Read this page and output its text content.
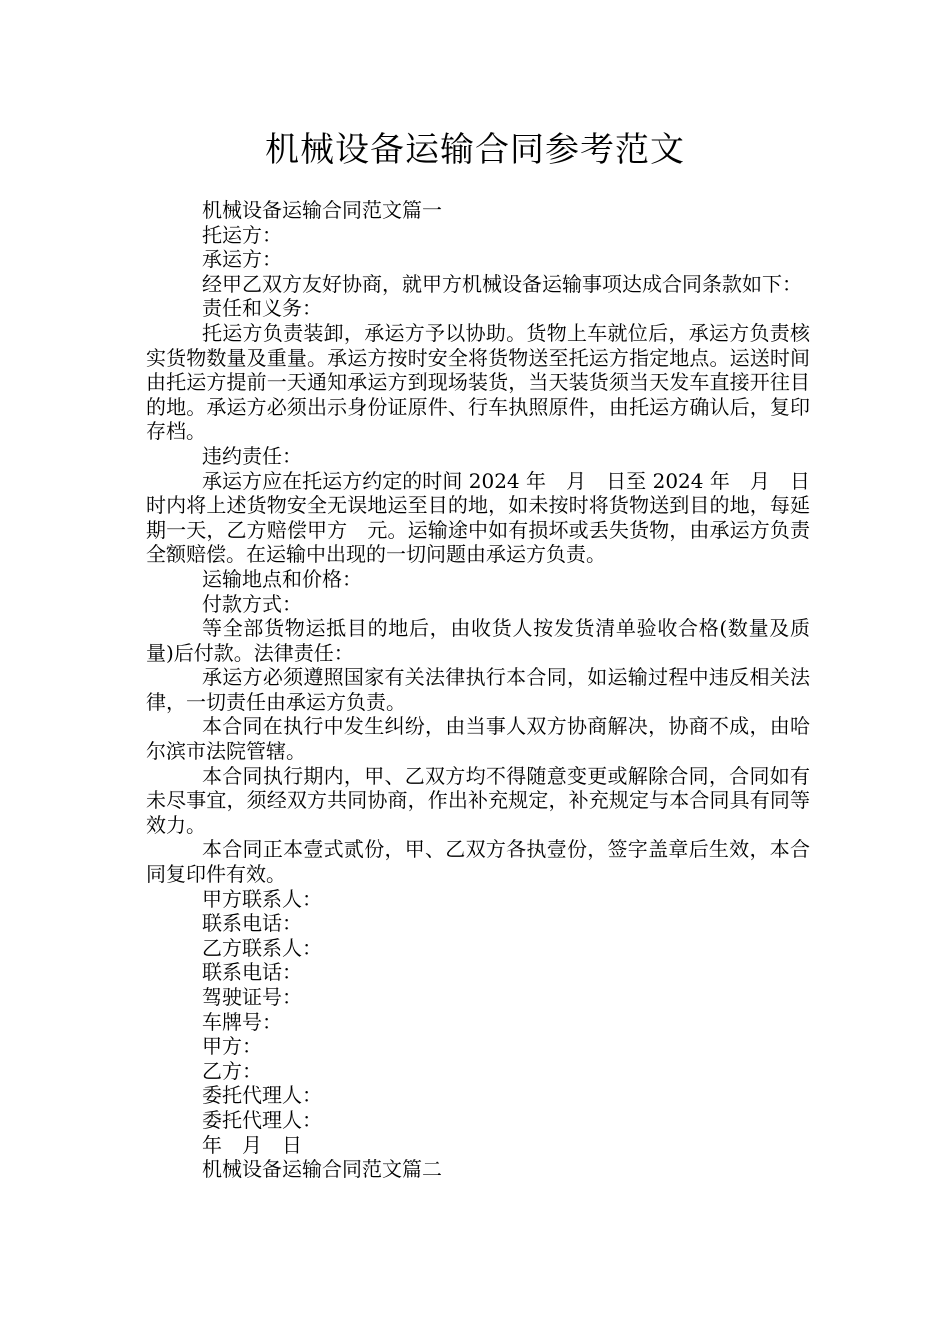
机械设备运输合同参考范文

机械设备运输合同范文篇一

托运方：

承运方：

经甲乙双方友好协商，就甲方机械设备运输事项达成合同条款如下：

责任和义务：

托运方负责装卸，承运方予以协助。货物上车就位后，承运方负责核实货物数量及重量。承运方按时安全将货物送至托运方指定地点。运送时间由托运方提前一天通知承运方到现场装货，当天装货须当天发车直接开往目的地。承运方必须出示身份证原件、行车执照原件，由托运方确认后，复印存档。

违约责任：

承运方应在托运方约定的时间 2024 年　月　日至 2024 年　月　日时内将上述货物安全无误地运至目的地，如未按时将货物送到目的地，每延期一天，乙方赔偿甲方　元。运输途中如有损坏或丢失货物，由承运方负责全额赔偿。在运输中出现的一切问题由承运方负责。

运输地点和价格：

付款方式：

等全部货物运抵目的地后，由收货人按发货清单验收合格(数量及质量)后付款。法律责任：

承运方必须遵照国家有关法律执行本合同，如运输过程中违反相关法律，一切责任由承运方负责。

本合同在执行中发生纠纷，由当事人双方协商解决，协商不成，由哈尔滨市法院管辖。

本合同执行期内，甲、乙双方均不得随意变更或解除合同，合同如有未尽事宜，须经双方共同协商，作出补充规定，补充规定与本合同具有同等效力。

本合同正本壹式贰份，甲、乙双方各执壹份，签字盖章后生效，本合同复印件有效。

甲方联系人：

联系电话：

乙方联系人：

联系电话：

驾驶证号：

车牌号：

甲方：

乙方：

委托代理人：

委托代理人：

年　月　日

机械设备运输合同范文篇二
